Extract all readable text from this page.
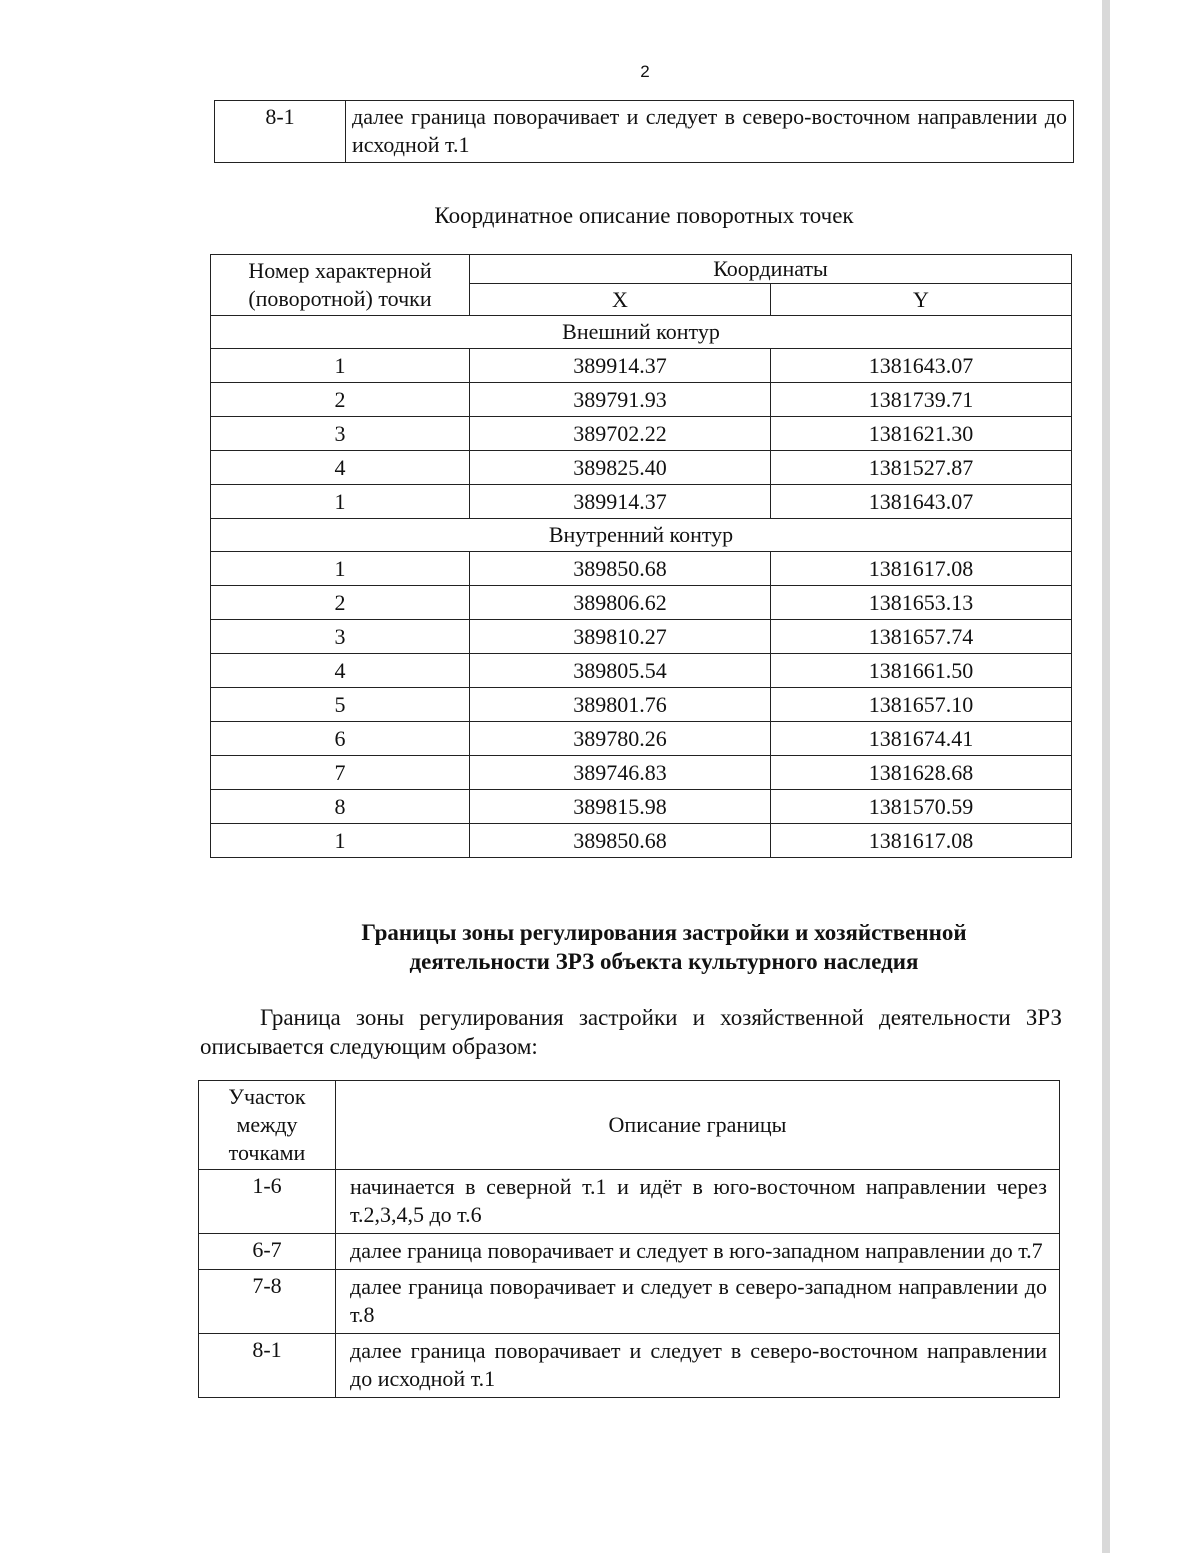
2
8-1	далее граница поворачивает и следует в северо-восточном направлении до исходной т.1
Координатное описание поворотных точек
Номер характерной (поворотной) точки	Координаты	
	X	Y
Внешний контур		
1	389914.37	1381643.07
2	389791.93	1381739.71
3	389702.22	1381621.30
4	389825.40	1381527.87
1	389914.37	1381643.07
Внутренний контур		
1	389850.68	1381617.08
2	389806.62	1381653.13
3	389810.27	1381657.74
4	389805.54	1381661.50
5	389801.76	1381657.10
6	389780.26	1381674.41
7	389746.83	1381628.68
8	389815.98	1381570.59
1	389850.68	1381617.08
Границы зоны регулирования застройки и хозяйственной
деятельности ЗРЗ объекта культурного наследия
Граница зоны регулирования застройки и хозяйственной деятельности ЗРЗ описывается следующим образом:
Участок между точками	Описание границы
1-6	начинается в северной т.1 и идёт в юго-восточном направлении через т.2,3,4,5 до т.6
6-7	далее граница поворачивает и следует в юго-западном направлении до т.7
7-8	далее граница поворачивает и следует в северо-западном направлении до т.8
8-1	далее граница поворачивает и следует в северо-восточном направлении до исходной т.1
